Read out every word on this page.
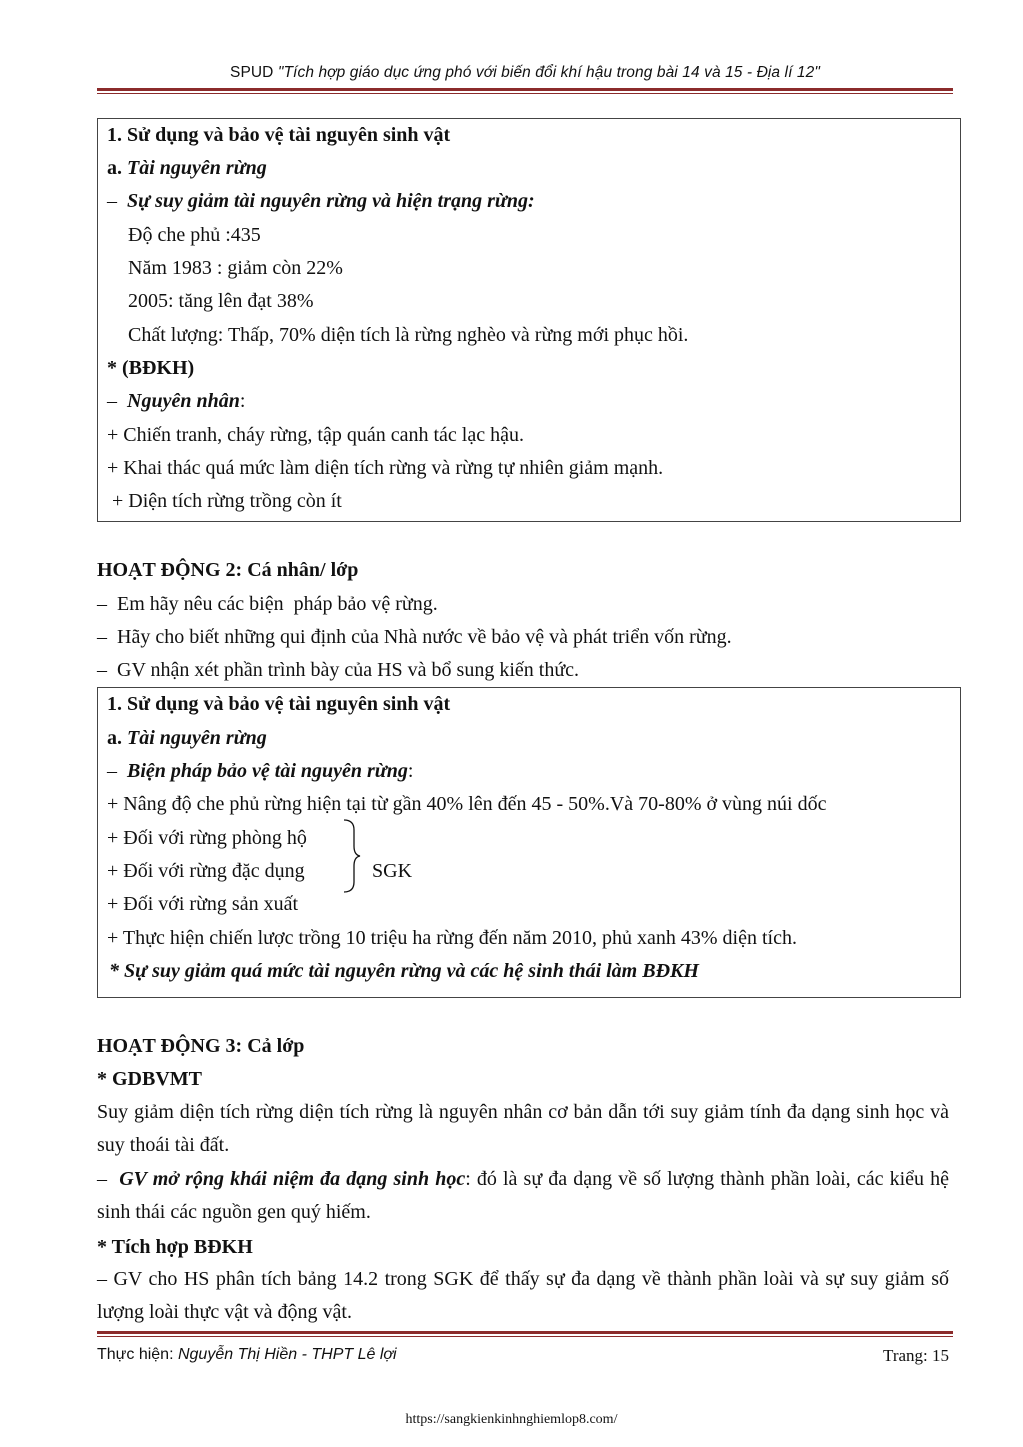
SPUD "Tích hợp giáo dục ứng phó với biến đổi khí hậu trong bài 14 và 15 - Địa lí 12"
1. Sử dụng và bảo vệ tài nguyên sinh vật
a. Tài nguyên rừng
–  Sự suy giảm tài nguyên rừng và hiện trạng rừng:
Độ che phủ :435
Năm 1983 : giảm còn 22%
2005: tăng lên đạt 38%
Chất lượng: Thấp, 70% diện tích là rừng nghèo và rừng mới phục hồi.
* (BĐKH)
–  Nguyên nhân:
+ Chiến tranh, cháy rừng, tập quán canh tác lạc hậu.
+ Khai thác quá mức làm diện tích rừng và rừng tự nhiên giảm mạnh.
+ Diện tích rừng trồng còn ít
HOẠT ĐỘNG 2: Cá nhân/ lớp
–  Em hãy nêu các biện  pháp bảo vệ rừng.
–  Hãy cho biết những qui định của Nhà nước về bảo vệ và phát triển vốn rừng.
–  GV nhận xét phần trình bày của HS và bổ sung kiến thức.
1. Sử dụng và bảo vệ tài nguyên sinh vật
a. Tài nguyên rừng
–  Biện pháp bảo vệ tài nguyên rừng:
+ Nâng độ che phủ rừng hiện tại từ gần 40% lên đến 45 - 50%.Và 70-80% ở vùng núi dốc
+ Đối với rừng phòng hộ
+ Đối với rừng đặc dụng
+ Đối với rừng sản xuất
SGK
+ Thực hiện chiến lược trồng 10 triệu ha rừng đến năm 2010, phủ xanh 43% diện tích.
* Sự suy giảm quá mức tài nguyên rừng và các hệ sinh thái làm BĐKH
HOẠT ĐỘNG 3: Cả lớp
* GDBVMT
Suy giảm diện tích rừng diện tích rừng là nguyên nhân cơ bản dẫn tới suy giảm tính đa dạng sinh học và suy thoái tài đất.
–  GV mở rộng khái niệm đa dạng sinh học: đó là sự đa dạng về số lượng thành phần loài, các kiểu hệ sinh thái các nguồn gen quý hiếm.
* Tích hợp BĐKH
– GV cho HS phân tích bảng 14.2 trong SGK để thấy sự đa dạng về thành phần loài và sự suy giảm số lượng loài thực vật và động vật.
Thực hiện: Nguyễn Thị Hiền - THPT Lê lợi	Trang: 15
https://sangkienkinhnghiemlop8.com/
